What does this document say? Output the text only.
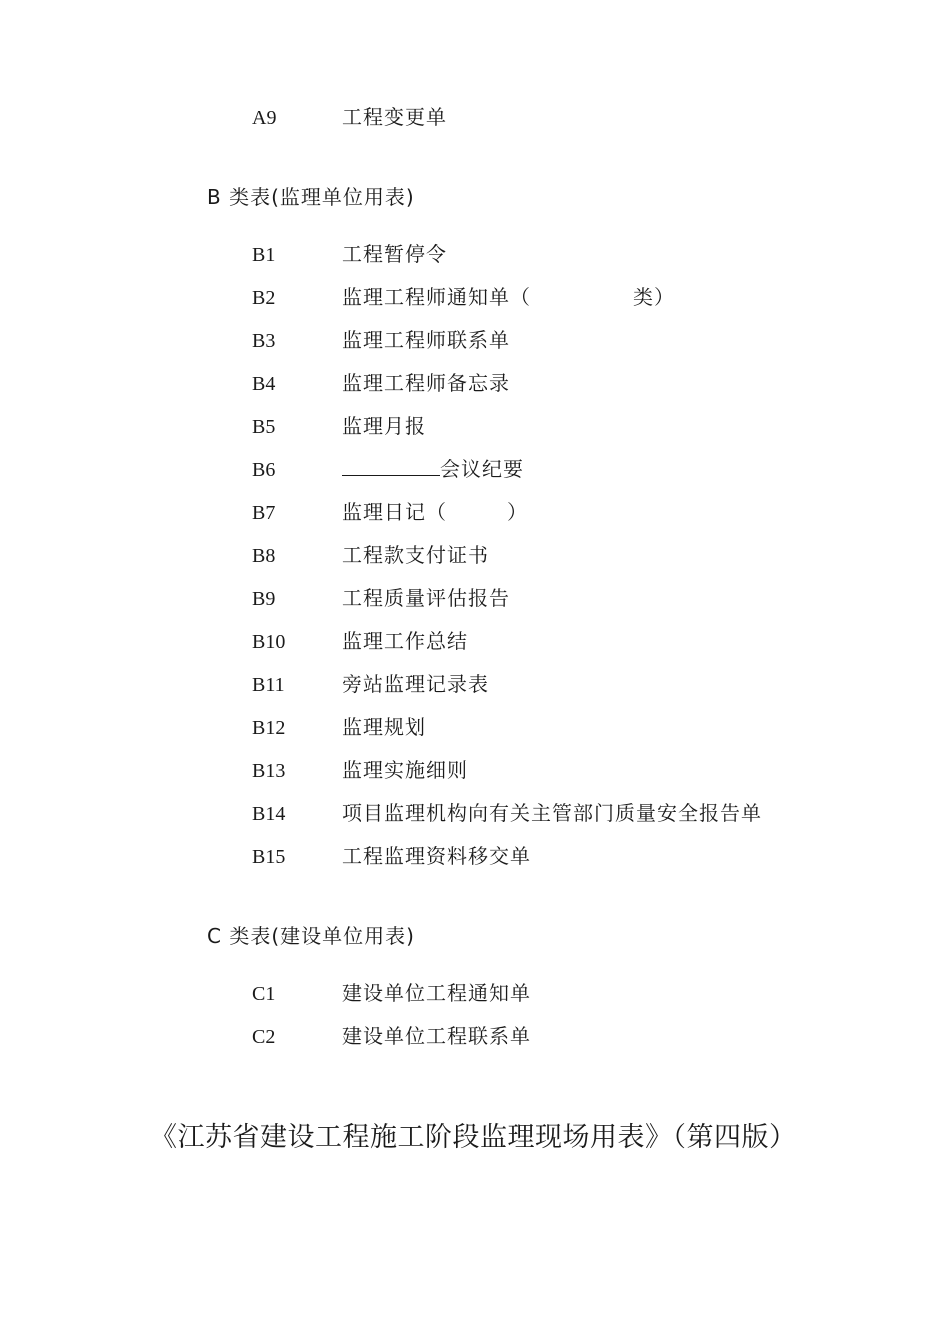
A9	工程变更单
B 类表(监理单位用表)
B1	工程暂停令
B2	监理工程师通知单（	类）
B3	监理工程师联系单
B4	监理工程师备忘录
B5	监理月报
B6	会议纪要
B7	监理日记（	）
B8	工程款支付证书
B9	工程质量评估报告
B10	监理工作总结
B11	旁站监理记录表
B12	监理规划
B13	监理实施细则
B14	项目监理机构向有关主管部门质量安全报告单
B15	工程监理资料移交单
C 类表(建设单位用表)
C1	建设单位工程通知单
C2	建设单位工程联系单
《江苏省建设工程施工阶段监理现场用表》（第四版）
